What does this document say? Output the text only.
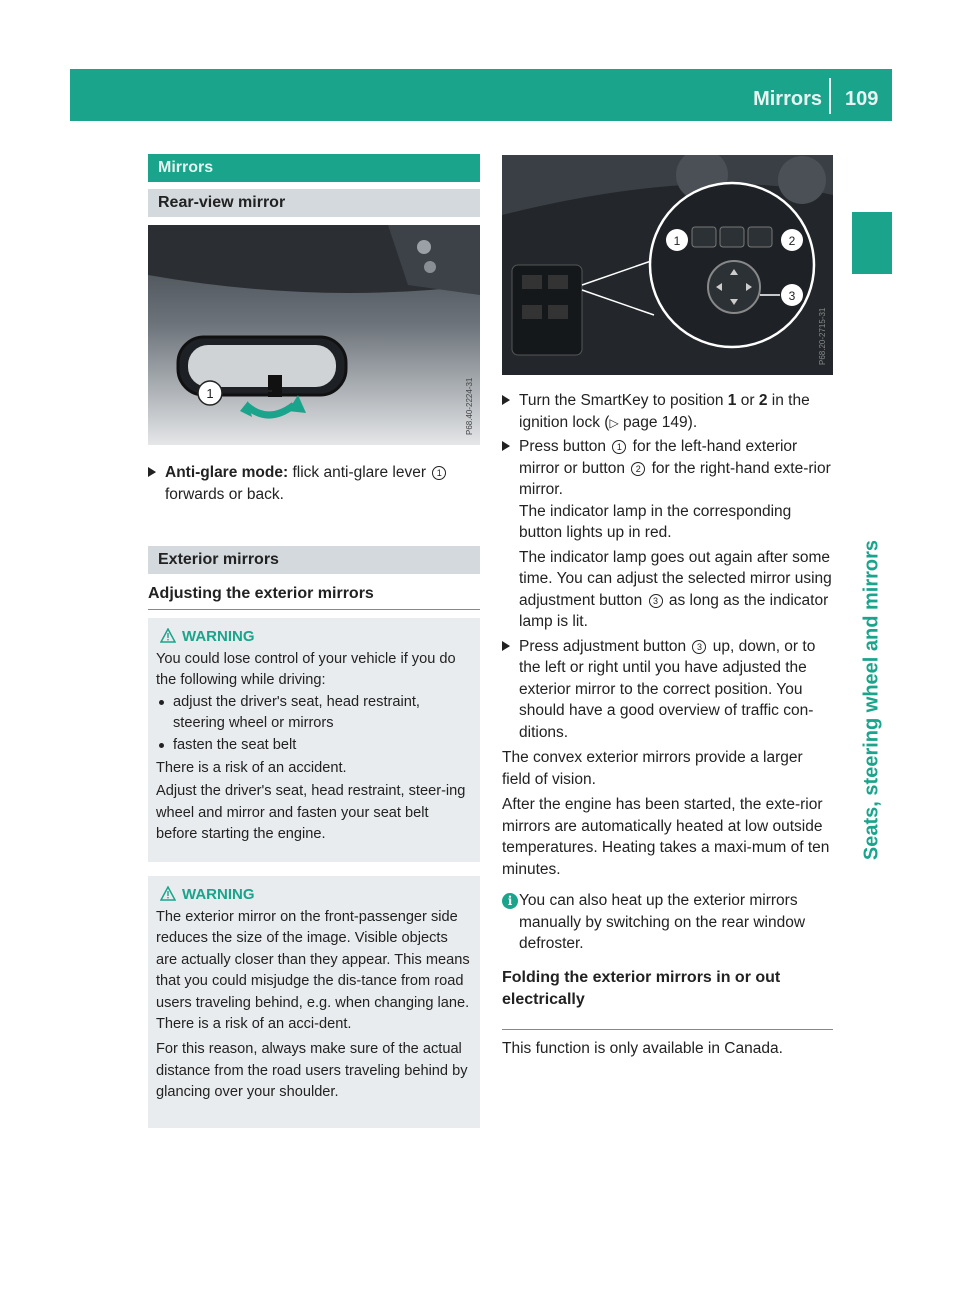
Mirrors 109
Seats, steering wheel and mirrors
Mirrors
Rear-view mirror
1	P68.40-2224-31

▶ Anti-glare mode: flick anti-glare lever 1
forwards or back.

Exterior mirrors
Adjusting the exterior mirrors
WARNING

You could lose control of your vehicle if you do the following while driving:

adjust the driver's seat, head restraint, steering wheel or mirrors

fasten the seat belt

There is a risk of an accident.

Adjust the driver's seat, head restraint, steer-ing wheel and mirror and fasten your seat belt before starting the engine.

WARNING

The exterior mirror on the front-passenger side reduces the size of the image. Visible objects are actually closer than they appear. This means that you could misjudge the dis-tance from road users traveling behind, e.g. when changing lane. There is a risk of an acci-dent.

For this reason, always make sure of the actual distance from the road users traveling behind by glancing over your shoulder.

1	2
3
P68.20-2715-31

▶ Turn the SmartKey to position 1 or 2 in the ignition lock (▷ page 149).

▶ Press button 1 for the left-hand exterior mirror or button 2 for the right-hand exte-rior mirror.

The indicator lamp in the corresponding button lights up in red.

The indicator lamp goes out again after some time. You can adjust the selected mirror using adjustment button 3 as long as the indicator lamp is lit.

▶ Press adjustment button 3 up, down, or to the left or right until you have adjusted the exterior mirror to the correct position. You should have a good overview of traffic con-ditions.

The convex exterior mirrors provide a larger field of vision.

After the engine has been started, the exte-rior mirrors are automatically heated at low outside temperatures. Heating takes a maxi-mum of ten minutes.

i You can also heat up the exterior mirrors manually by switching on the rear window defroster.

Folding the exterior mirrors in or out electrically

This function is only available in Canada.
